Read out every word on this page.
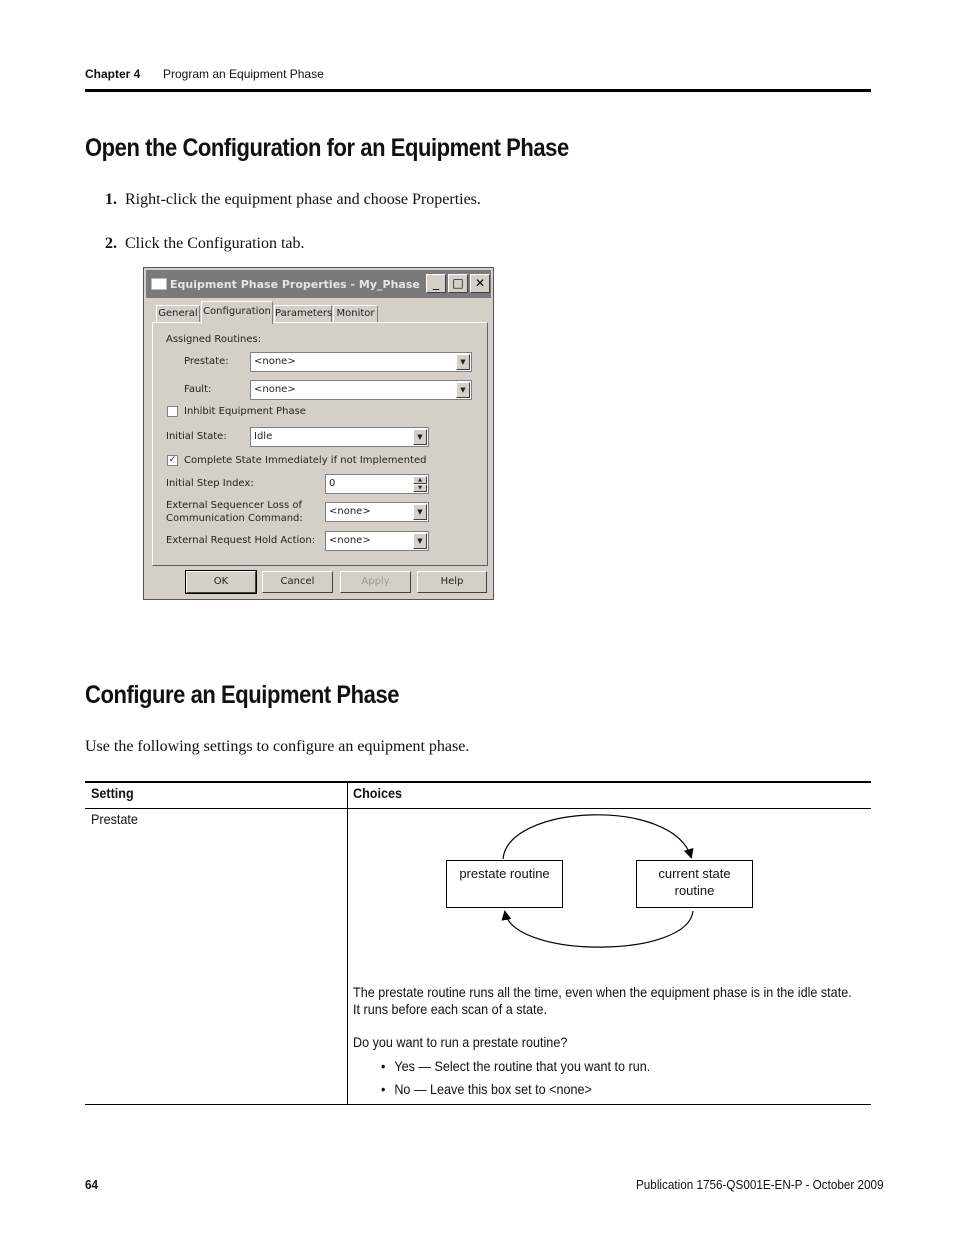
Chapter 4 Program an Equipment Phase
Open the Configuration for an Equipment Phase
1. Right-click the equipment phase and choose Properties.
2. Click the Configuration tab.
Equipment Phase Properties - My_Phase	_	□ ✕
General Configuration Parameters Monitor
Assigned Routines:
Prestate:	<none>	▼
Fault:	<none>	▼
Inhibit Equipment Phase
Initial State:	Idle	▼
✓ Complete State Immediately if not Implemented
Initial Step Index:	0	▲
▼
External Sequencer Loss of
Communication Command:
<none>	▼
External Request Hold Action:	<none>	▼
OK	Cancel	Apply	Help
Configure an Equipment Phase
Use the following settings to configure an equipment phase.
Setting	Choices
Prestate
prestate routine	current state
routine
The prestate routine runs all the time, even when the equipment phase is in the idle state.
It runs before each scan of a state.
Do you want to run a prestate routine?
• Yes — Select the routine that you want to run.
• No — Leave this box set to <none>
64	Publication 1756-QS001E-EN-P - October 2009
